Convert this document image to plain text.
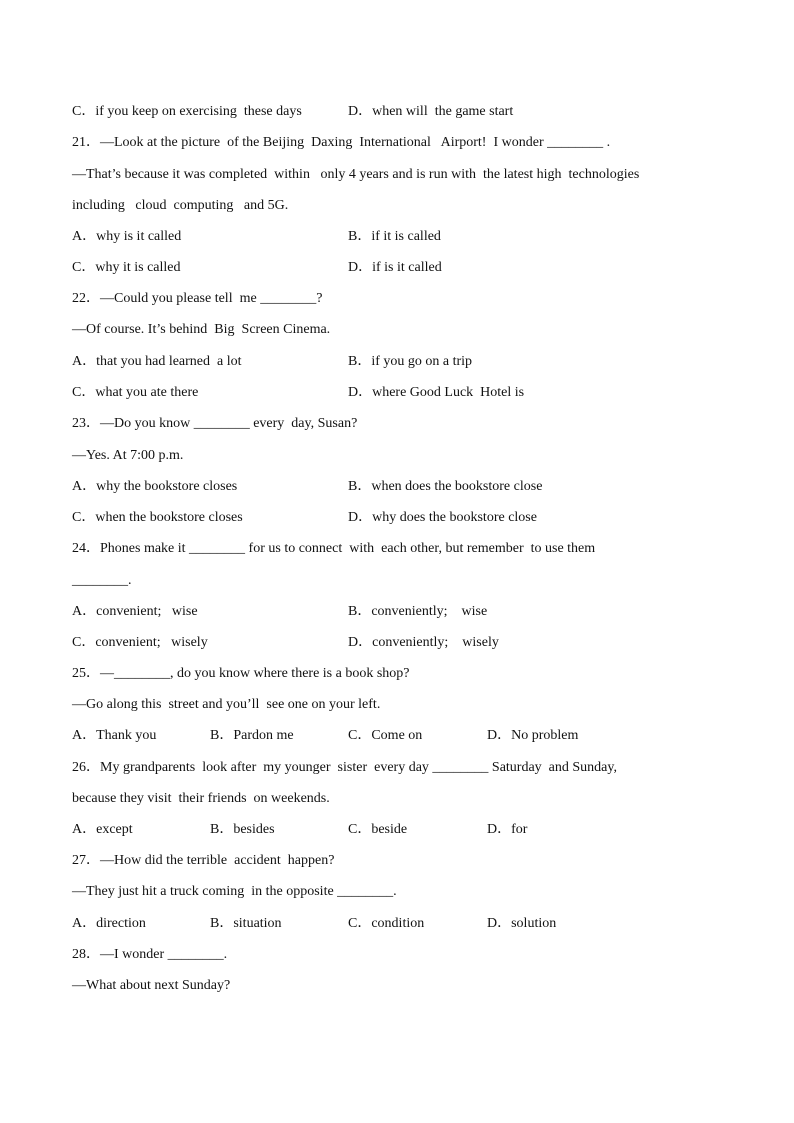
C．if you keep on exercising  these days	D．when will  the game start
21．—Look at the picture  of the Beijing  Daxing  International   Airport!  I wonder ________ .
—That’s because it was completed  within   only 4 years and is run with  the latest high  technologies
including   cloud  computing   and 5G.
A．why is it called	B．if it is called
C．why it is called	D．if is it called
22．—Could you please tell  me ________?
—Of course. It’s behind  Big  Screen Cinema.
A．that you had learned  a lot	B．if you go on a trip
C．what you ate there	D．where Good Luck  Hotel is
23．—Do you know ________ every  day, Susan?
—Yes. At 7:00 p.m.
A．why the bookstore closes	B．when does the bookstore close
C．when the bookstore closes	D．why does the bookstore close
24．Phones make it ________ for us to connect  with  each other, but remember  to use them
________.
A．convenient;   wise	B．conveniently;    wise
C．convenient;   wisely	D．conveniently;    wisely
25．—________, do you know where there is a book shop?
—Go along this  street and you’ll  see one on your left.
A．Thank you	B．Pardon me	C．Come on	D．No problem
26．My grandparents  look after  my younger  sister  every day ________ Saturday  and Sunday,
because they visit  their friends  on weekends.
A．except	B．besides	C．beside	D．for
27．—How did the terrible  accident  happen?
—They just hit a truck coming  in the opposite ________.
A．direction	B．situation	C．condition	D．solution
28．—I wonder ________.
—What about next Sunday?
